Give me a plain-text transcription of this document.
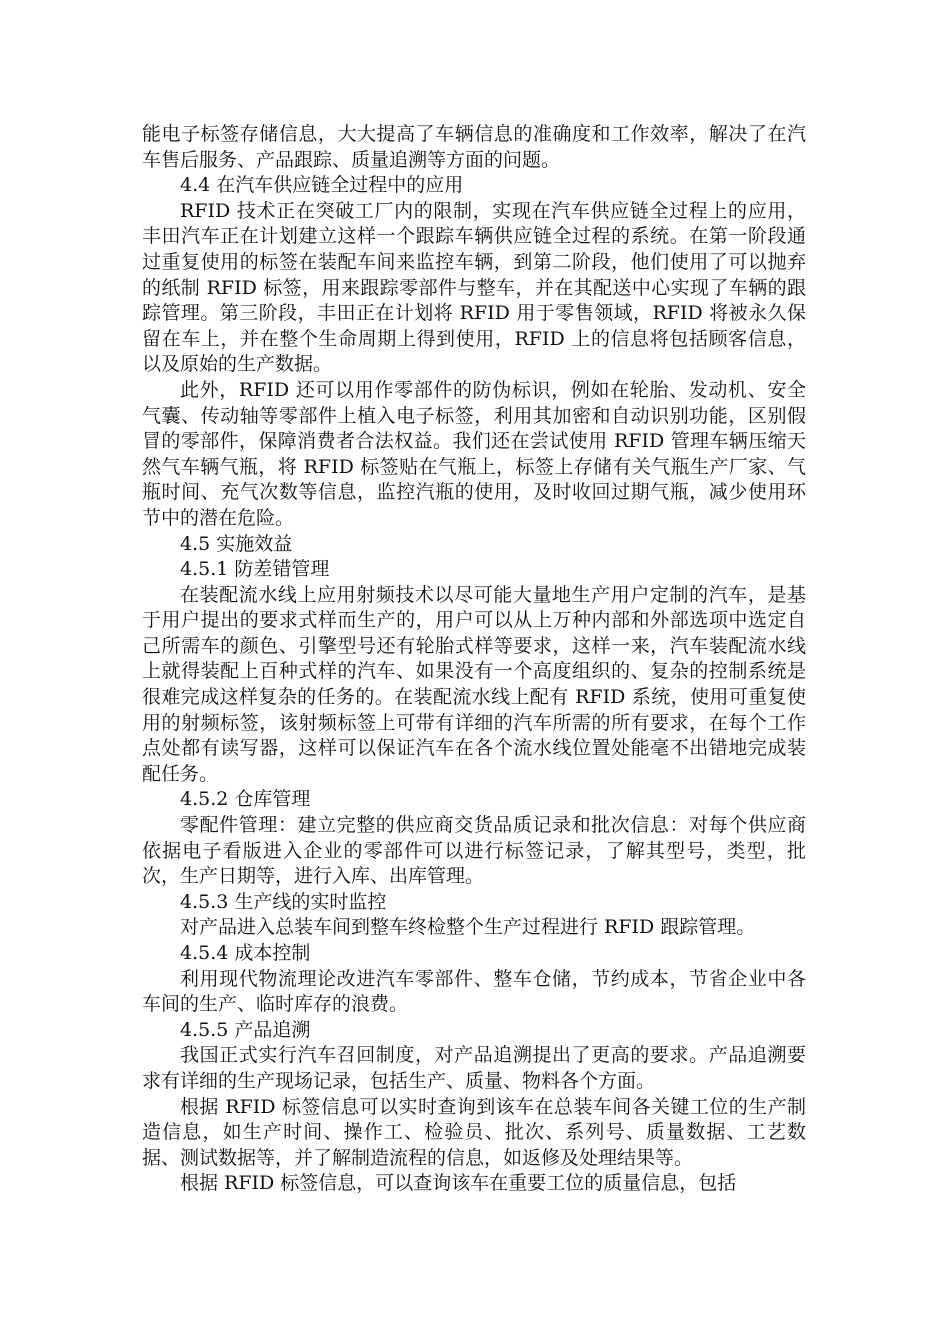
能电子标签存储信息，大大提高了车辆信息的准确度和工作效率，解决了在汽车售后服务、产品跟踪、质量追溯等方面的问题。

4.4 在汽车供应链全过程中的应用

RFID 技术正在突破工厂内的限制，实现在汽车供应链全过程上的应用，丰田汽车正在计划建立这样一个跟踪车辆供应链全过程的系统。在第一阶段通过重复使用的标签在装配车间来监控车辆，到第二阶段，他们使用了可以抛弃的纸制 RFID 标签，用来跟踪零部件与整车，并在其配送中心实现了车辆的跟踪管理。第三阶段，丰田正在计划将 RFID 用于零售领域，RFID 将被永久保留在车上，并在整个生命周期上得到使用，RFID 上的信息将包括顾客信息，以及原始的生产数据。

此外，RFID 还可以用作零部件的防伪标识，例如在轮胎、发动机、安全气囊、传动轴等零部件上植入电子标签，利用其加密和自动识别功能，区别假冒的零部件，保障消费者合法权益。我们还在尝试使用 RFID 管理车辆压缩天然气车辆气瓶，将 RFID 标签贴在气瓶上，标签上存储有关气瓶生产厂家、气瓶时间、充气次数等信息，监控汽瓶的使用，及时收回过期气瓶，减少使用环节中的潜在危险。

4.5 实施效益

4.5.1 防差错管理

在装配流水线上应用射频技术以尽可能大量地生产用户定制的汽车，是基于用户提出的要求式样而生产的，用户可以从上万种内部和外部选项中选定自己所需车的颜色、引擎型号还有轮胎式样等要求，这样一来，汽车装配流水线上就得装配上百种式样的汽车、如果没有一个高度组织的、复杂的控制系统是很难完成这样复杂的任务的。在装配流水线上配有 RFID 系统，使用可重复使用的射频标签，该射频标签上可带有详细的汽车所需的所有要求，在每个工作点处都有读写器，这样可以保证汽车在各个流水线位置处能毫不出错地完成装配任务。

4.5.2 仓库管理

零配件管理：建立完整的供应商交货品质记录和批次信息：对每个供应商依据电子看版进入企业的零部件可以进行标签记录，了解其型号，类型，批次，生产日期等，进行入库、出库管理。

4.5.3 生产线的实时监控

对产品进入总装车间到整车终检整个生产过程进行 RFID 跟踪管理。

4.5.4 成本控制

利用现代物流理论改进汽车零部件、整车仓储，节约成本，节省企业中各车间的生产、临时库存的浪费。

4.5.5 产品追溯

我国正式实行汽车召回制度，对产品追溯提出了更高的要求。产品追溯要求有详细的生产现场记录，包括生产、质量、物料各个方面。

根据 RFID 标签信息可以实时查询到该车在总装车间各关键工位的生产制造信息，如生产时间、操作工、检验员、批次、系列号、质量数据、工艺数据、测试数据等，并了解制造流程的信息，如返修及处理结果等。

根据 RFID 标签信息，可以查询该车在重要工位的质量信息，包括
